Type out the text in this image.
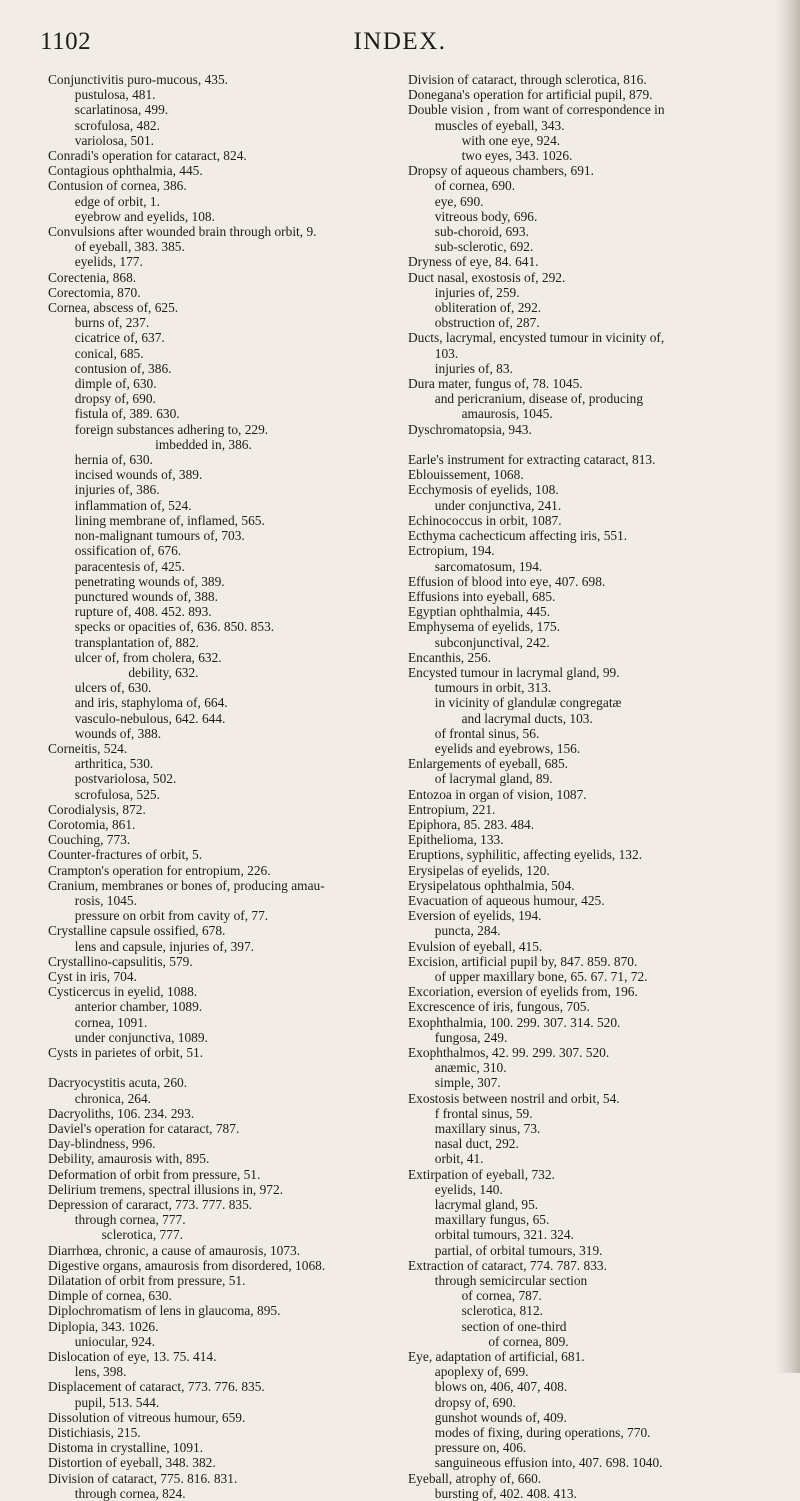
1102	INDEX.
Conjunctivitis puro-mucous, 435.
pustulosa, 481.
scarlatinosa, 499.
scrofulosa, 482.
variolosa, 501.
Conradi's operation for cataract, 824.
Contagious ophthalmia, 445.
Contusion of cornea, 386.
edge of orbit, 1.
eyebrow and eyelids, 108.
Convulsions after wounded brain through orbit, 9.
of eyeball, 383. 385.
eyelids, 177.
Corectenia, 868.
Corectomia, 870.
Cornea, abscess of, 625.
burns of, 237.
cicatrice of, 637.
conical, 685.
contusion of, 386.
dimple of, 630.
dropsy of, 690.
fistula of, 389. 630.
foreign substances adhering to, 229.
imbedded in, 386.
hernia of, 630.
incised wounds of, 389.
injuries of, 386.
inflammation of, 524.
lining membrane of, inflamed, 565.
non-malignant tumours of, 703.
ossification of, 676.
paracentesis of, 425.
penetrating wounds of, 389.
punctured wounds of, 388.
rupture of, 408. 452. 893.
specks or opacities of, 636. 850. 853.
transplantation of, 882.
ulcer of, from cholera, 632.
debility, 632.
ulcers of, 630.
and iris, staphyloma of, 664.
vasculo-nebulous, 642. 644.
wounds of, 388.
Corneitis, 524.
arthritica, 530.
postvariolosa, 502.
scrofulosa, 525.
Corodialysis, 872.
Corotomia, 861.
Couching, 773.
Counter-fractures of orbit, 5.
Crampton's operation for entropium, 226.
Cranium, membranes or bones of, producing amau-
rosis, 1045.
pressure on orbit from cavity of, 77.
Crystalline capsule ossified, 678.
lens and capsule, injuries of, 397.
Crystallino-capsulitis, 579.
Cyst in iris, 704.
Cysticercus in eyelid, 1088.
anterior chamber, 1089.
cornea, 1091.
under conjunctiva, 1089.
Cysts in parietes of orbit, 51.

Dacryocystitis acuta, 260.
chronica, 264.
Dacryoliths, 106. 234. 293.
Daviel's operation for cataract, 787.
Day-blindness, 996.
Debility, amaurosis with, 895.
Deformation of orbit from pressure, 51.
Delirium tremens, spectral illusions in, 972.
Depression of cararact, 773. 777. 835.
through cornea, 777.
sclerotica, 777.
Diarrhœa, chronic, a cause of amaurosis, 1073.
Digestive organs, amaurosis from disordered, 1068.
Dilatation of orbit from pressure, 51.
Dimple of cornea, 630.
Diplochromatism of lens in glaucoma, 895.
Diplopia, 343. 1026.
uniocular, 924.
Dislocation of eye, 13. 75. 414.
lens, 398.
Displacement of cataract, 773. 776. 835.
pupil, 513. 544.
Dissolution of vitreous humour, 659.
Distichiasis, 215.
Distoma in crystalline, 1091.
Distortion of eyeball, 348. 382.
Division of cataract, 775. 816. 831.
through cornea, 824.
Division of cataract, through sclerotica, 816.
Donegana's operation for artificial pupil, 879.
Double vision , from want of correspondence in
muscles of eyeball, 343.
with one eye, 924.
two eyes, 343. 1026.
Dropsy of aqueous chambers, 691.
of cornea, 690.
eye, 690.
vitreous body, 696.
sub-choroid, 693.
sub-sclerotic, 692.
Dryness of eye, 84. 641.
Duct nasal, exostosis of, 292.
injuries of, 259.
obliteration of, 292.
obstruction of, 287.
Ducts, lacrymal, encysted tumour in vicinity of,
103.
injuries of, 83.
Dura mater, fungus of, 78. 1045.
and pericranium, disease of, producing
amaurosis, 1045.
Dyschromatopsia, 943.

Earle's instrument for extracting cataract, 813.
Eblouissement, 1068.
Ecchymosis of eyelids, 108.
under conjunctiva, 241.
Echinococcus in orbit, 1087.
Ecthyma cachecticum affecting iris, 551.
Ectropium, 194.
sarcomatosum, 194.
Effusion of blood into eye, 407. 698.
Effusions into eyeball, 685.
Egyptian ophthalmia, 445.
Emphysema of eyelids, 175.
subconjunctival, 242.
Encanthis, 256.
Encysted tumour in lacrymal gland, 99.
tumours in orbit, 313.
in vicinity of glandulæ congregatæ
and lacrymal ducts, 103.
of frontal sinus, 56.
eyelids and eyebrows, 156.
Enlargements of eyeball, 685.
of lacrymal gland, 89.
Entozoa in organ of vision, 1087.
Entropium, 221.
Epiphora, 85. 283. 484.
Epithelioma, 133.
Eruptions, syphilitic, affecting eyelids, 132.
Erysipelas of eyelids, 120.
Erysipelatous ophthalmia, 504.
Evacuation of aqueous humour, 425.
Eversion of eyelids, 194.
puncta, 284.
Evulsion of eyeball, 415.
Excision, artificial pupil by, 847. 859. 870.
of upper maxillary bone, 65. 67. 71, 72.
Excoriation, eversion of eyelids from, 196.
Excrescence of iris, fungous, 705.
Exophthalmia, 100. 299. 307. 314. 520.
fungosa, 249.
Exophthalmos, 42. 99. 299. 307. 520.
anæmic, 310.
simple, 307.
Exostosis between nostril and orbit, 54.
f frontal sinus, 59.
maxillary sinus, 73.
nasal duct, 292.
orbit, 41.
Extirpation of eyeball, 732.
eyelids, 140.
lacrymal gland, 95.
maxillary fungus, 65.
orbital tumours, 321. 324.
partial, of orbital tumours, 319.
Extraction of cataract, 774. 787. 833.
through semicircular section
of cornea, 787.
sclerotica, 812.
section of one-third
of cornea, 809.
Eye, adaptation of artificial, 681.
apoplexy of, 699.
blows on, 406, 407, 408.
dropsy of, 690.
gunshot wounds of, 409.
modes of fixing, during operations, 770.
pressure on, 406.
sanguineous effusion into, 407. 698. 1040.
Eyeball, atrophy of, 660.
bursting of, 402. 408. 413.
